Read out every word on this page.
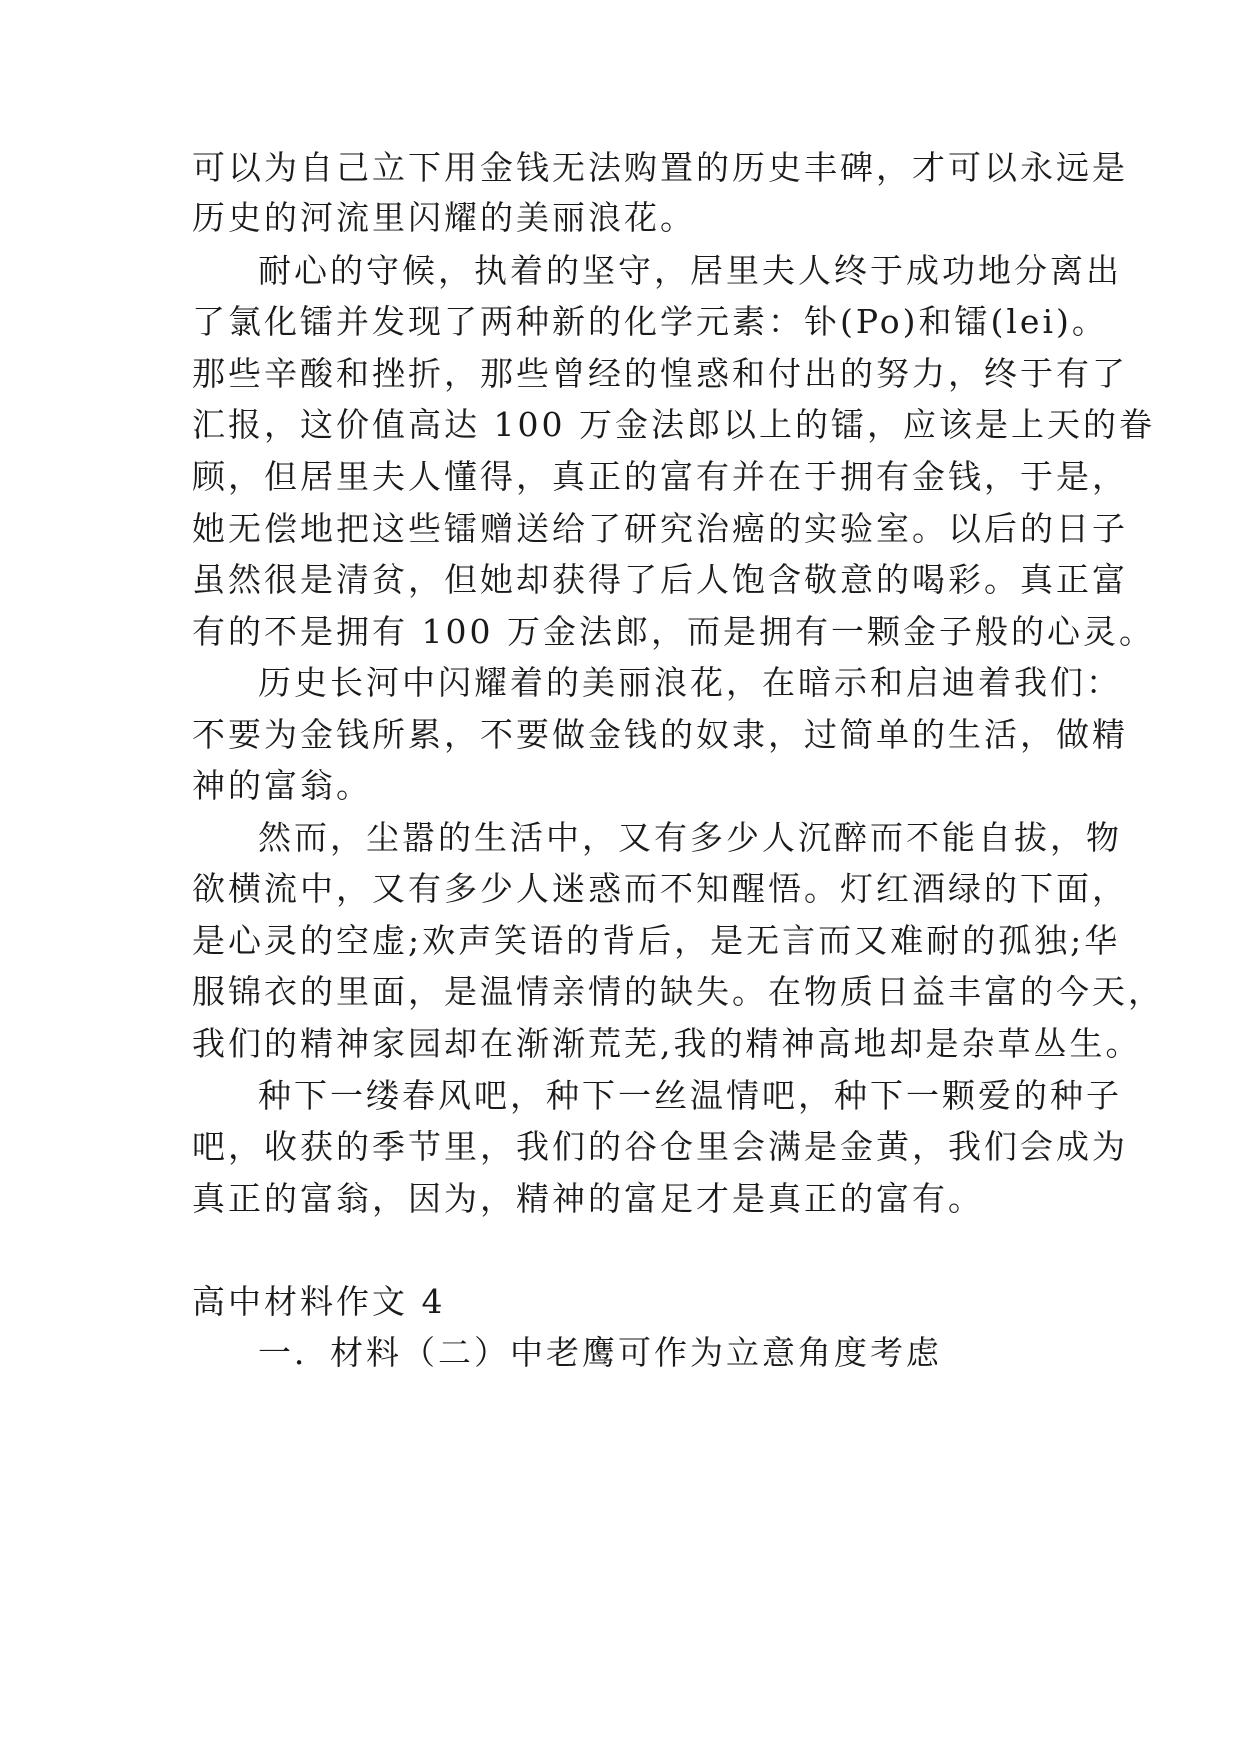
可以为自己立下用金钱无法购置的历史丰碑，才可以永远是
历史的河流里闪耀的美丽浪花。
耐心的守候，执着的坚守，居里夫人终于成功地分离出
了氯化镭并发现了两种新的化学元素：钋(Po)和镭(lei)。
那些辛酸和挫折，那些曾经的惶惑和付出的努力，终于有了
汇报，这价值高达 100 万金法郎以上的镭，应该是上天的眷
顾，但居里夫人懂得，真正的富有并在于拥有金钱，于是，
她无偿地把这些镭赠送给了研究治癌的实验室。以后的日子
虽然很是清贫，但她却获得了后人饱含敬意的喝彩。真正富
有的不是拥有 100 万金法郎，而是拥有一颗金子般的心灵。
历史长河中闪耀着的美丽浪花，在暗示和启迪着我们：
不要为金钱所累，不要做金钱的奴隶，过简单的生活，做精
神的富翁。
然而，尘嚣的生活中，又有多少人沉醉而不能自拔，物
欲横流中，又有多少人迷惑而不知醒悟。灯红酒绿的下面，
是心灵的空虚;欢声笑语的背后，是无言而又难耐的孤独;华
服锦衣的里面，是温情亲情的缺失。在物质日益丰富的今天，
我们的精神家园却在渐渐荒芜,我的精神高地却是杂草丛生。
种下一缕春风吧，种下一丝温情吧，种下一颗爱的种子
吧，收获的季节里，我们的谷仓里会满是金黄，我们会成为
真正的富翁，因为，精神的富足才是真正的富有。
高中材料作文 4
一．材料（二）中老鹰可作为立意角度考虑
